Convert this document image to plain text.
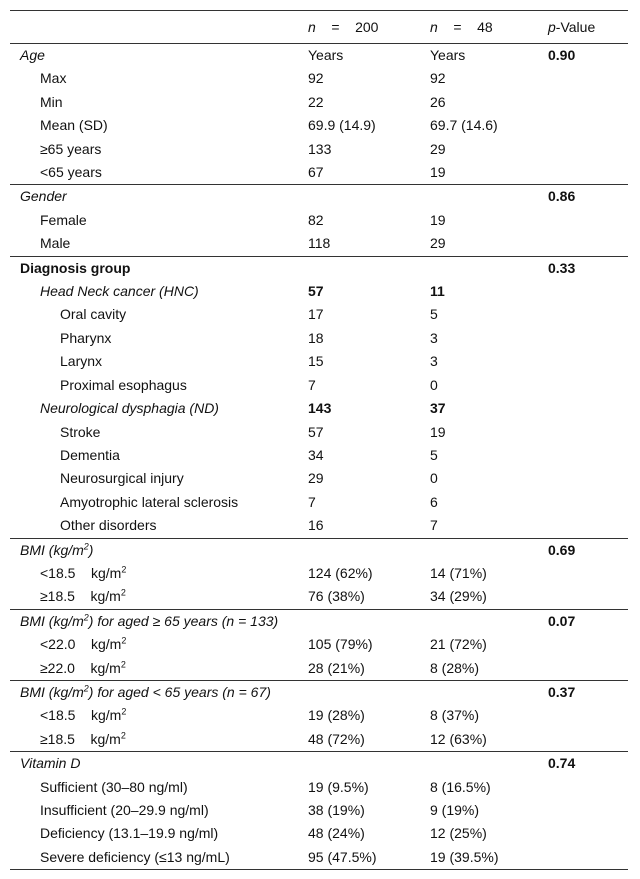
	n = 200	n = 48	p-Value
Age	Years	Years	0.90
Max	92	92	
Min	22	26	
Mean (SD)	69.9 (14.9)	69.7 (14.6)	
≥65 years	133	29	
<65 years	67	19	
Gender			0.86
Female	82	19	
Male	118	29	
Diagnosis group			0.33
Head Neck cancer (HNC)	57	11	
Oral cavity	17	5	
Pharynx	18	3	
Larynx	15	3	
Proximal esophagus	7	0	
Neurological dysphagia (ND)	143	37	
Stroke	57	19	
Dementia	34	5	
Neurosurgical injury	29	0	
Amyotrophic lateral sclerosis	7	6	
Other disorders	16	7	
BMI $(kg/m^2)$			0.69
<18.5 $kg/m^2$	124 (62%)	14 (71%)	
≥18.5 $kg/m^2$	76 (38%)	34 (29%)	
BMI $(kg/m^2)$ for aged ≥ 65 years (n = 133)			0.07
<22.0 $kg/m^2$	105 (79%)	21 (72%)	
≥22.0 $kg/m^2$	28 (21%)	8 (28%)	
BMI $(kg/m^2)$ for aged < 65 years (n = 67)			0.37
<18.5 $kg/m^2$	19 (28%)	8 (37%)	
≥18.5 $kg/m^2$	48 (72%)	12 (63%)	
Vitamin D			0.74
Sufficient (30–80 ng/ml)	19 (9.5%)	8 (16.5%)	
Insufficient (20–29.9 ng/ml)	38 (19%)	9 (19%)	
Deficiency (13.1–19.9 ng/ml)	48 (24%)	12 (25%)	
Severe deficiency (≤13 ng/mL)	95 (47.5%)	19 (39.5%)	
